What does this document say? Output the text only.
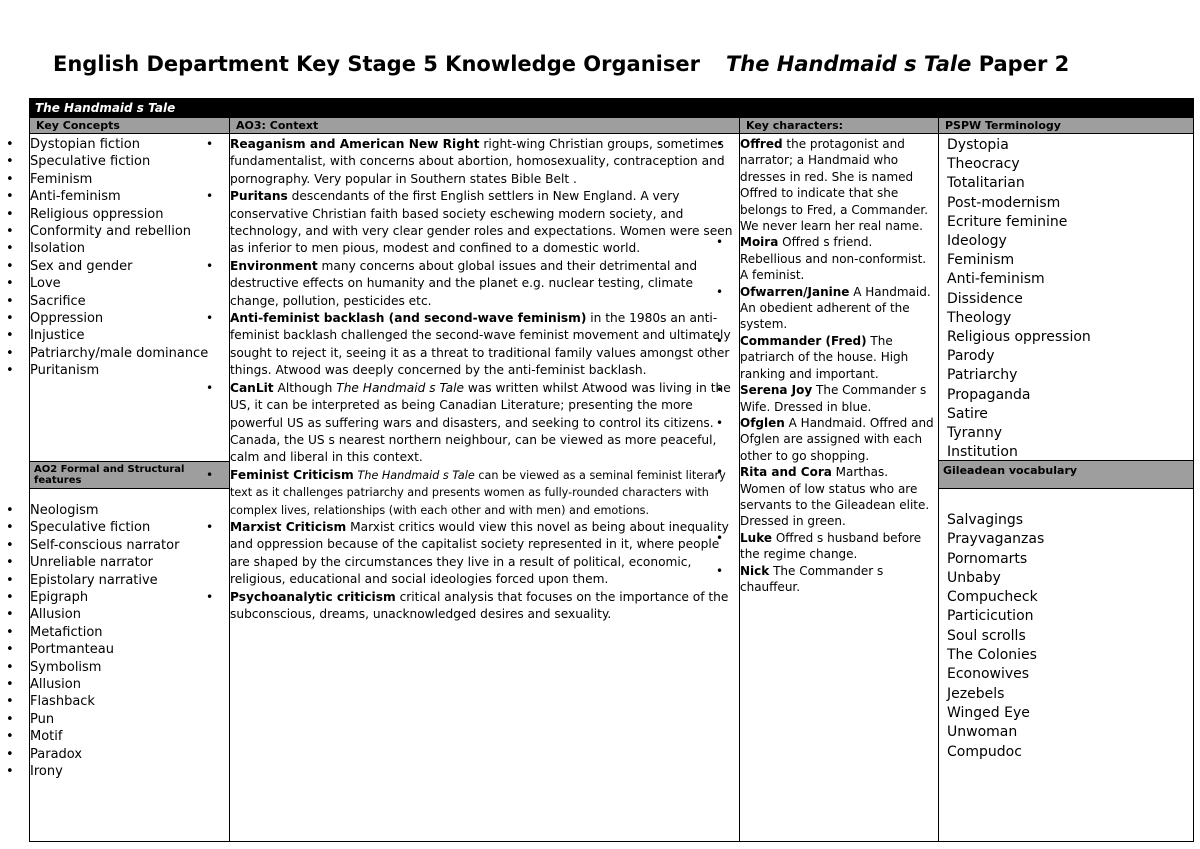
English Department Key Stage 5 Knowledge Organiser The Handmaid s Tale Paper 2
The Handmaid s Tale
Key Concepts
• Dystopian fiction
• Speculative fiction
• Feminism
• Anti-feminism
• Religious oppression
• Conformity and rebellion
• Isolation
• Sex and gender
• Love
• Sacrifice
• Oppression
• Injustice
• Patriarchy/male dominance
• Puritanism
AO2 Formal and Structural features
• Neologism
• Speculative fiction
• Self-conscious narrator
• Unreliable narrator
• Epistolary narrative
• Epigraph
• Allusion
• Metafiction
• Portmanteau
• Symbolism
• Allusion
• Flashback
• Pun
• Motif
• Paradox
• Irony
AO3: Context
• Reaganism and American New Right right-wing Christian groups, sometimes fundamentalist, with concerns about abortion, homosexuality, contraception and pornography. Very popular in Southern states Bible Belt .
• Puritans descendants of the first English settlers in New England. A very conservative Christian faith based society eschewing modern society, and technology, and with very clear gender roles and expectations. Women were seen as inferior to men pious, modest and confined to a domestic world.
• Environment many concerns about global issues and their detrimental and destructive effects on humanity and the planet e.g. nuclear testing, climate change, pollution, pesticides etc.
• Anti-feminist backlash (and second-wave feminism) in the 1980s an anti-feminist backlash challenged the second-wave feminist movement and ultimately sought to reject it, seeing it as a threat to traditional family values amongst other things. Atwood was deeply concerned by the anti-feminist backlash.
• CanLit Although The Handmaid s Tale was written whilst Atwood was living in the US, it can be interpreted as being Canadian Literature; presenting the more powerful US as suffering wars and disasters, and seeking to control its citizens. Canada, the US s nearest northern neighbour, can be viewed as more peaceful, calm and liberal in this context.
• Feminist Criticism The Handmaid s Tale can be viewed as a seminal feminist literary text as it challenges patriarchy and presents women as fully-rounded characters with complex lives, relationships (with each other and with men) and emotions.
• Marxist Criticism Marxist critics would view this novel as being about inequality and oppression because of the capitalist society represented in it, where people are shaped by the circumstances they live in a result of political, economic, religious, educational and social ideologies forced upon them.
• Psychoanalytic criticism critical analysis that focuses on the importance of the subconscious, dreams, unacknowledged desires and sexuality.
Key characters:
• Offred the protagonist and narrator; a Handmaid who dresses in red. She is named Offred to indicate that she belongs to Fred, a Commander. We never learn her real name.
• Moira Offred s friend. Rebellious and non-conformist. A feminist.
• Ofwarren/Janine A Handmaid. An obedient adherent of the system.
• Commander (Fred) The patriarch of the house. High ranking and important.
• Serena Joy The Commander s Wife. Dressed in blue.
• Ofglen A Handmaid. Offred and Ofglen are assigned with each other to go shopping.
• Rita and Cora Marthas. Women of low status who are servants to the Gileadean elite. Dressed in green.
• Luke Offred s husband before the regime change.
• Nick The Commander s chauffeur.
PSPW Terminology
Dystopia
Theocracy
Totalitarian
Post-modernism
Ecriture feminine
Ideology
Feminism
Anti-feminism
Dissidence
Theology
Religious oppression
Parody
Patriarchy
Propaganda
Satire
Tyranny
Institution
Gileadean vocabulary
Salvagings
Prayvaganzas
Pornomarts
Unbaby
Compucheck
Particicution
Soul scrolls
The Colonies
Econowives
Jezebels
Winged Eye
Unwoman
Compudoc
